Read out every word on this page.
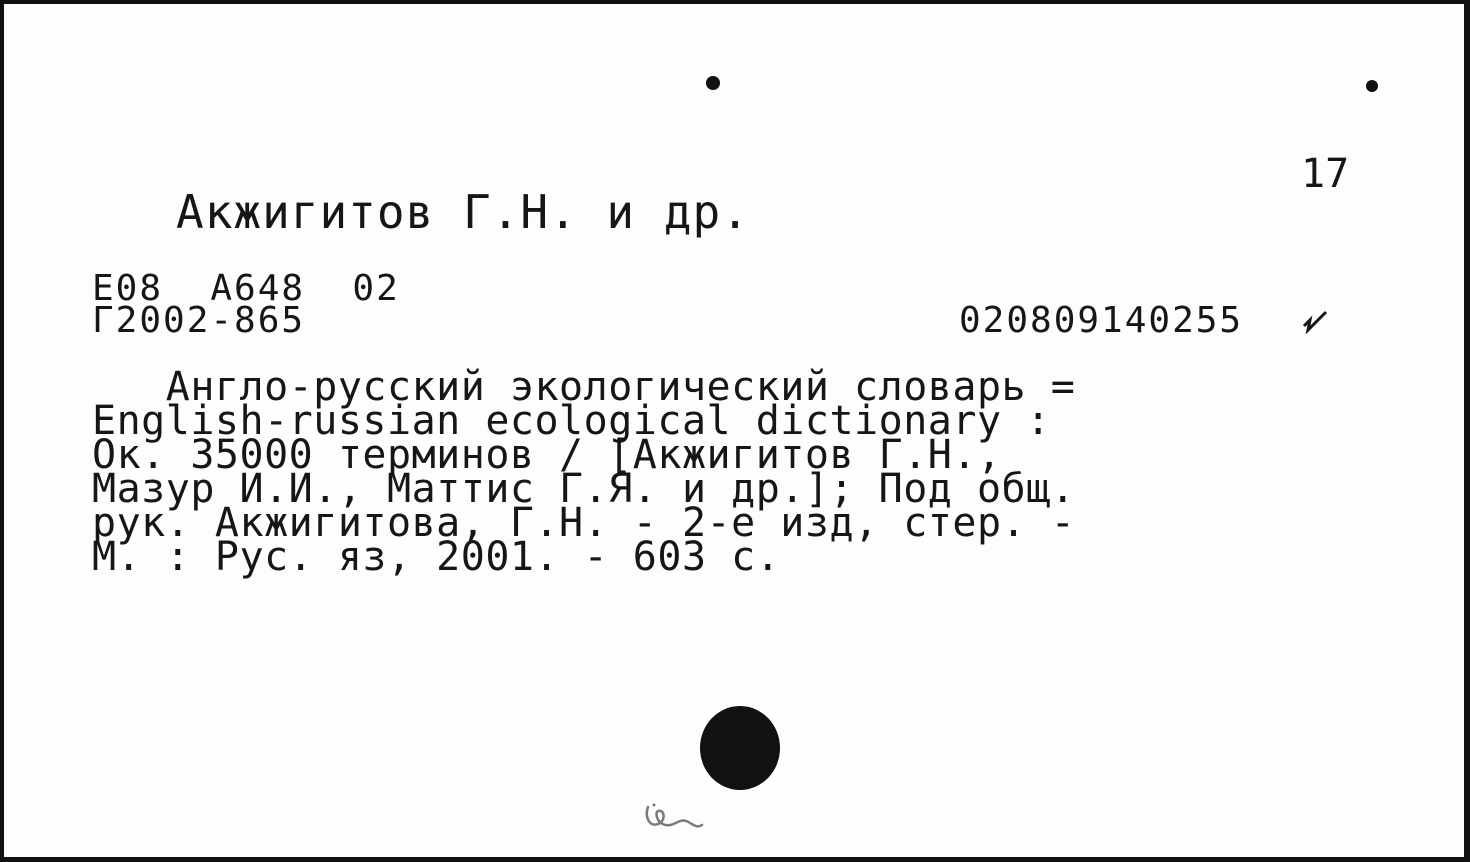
Акжигитов Г.Н. и др.
17
Е08  А648  02
Г2002-865	020809140255
Англо-русский экологический словарь =
English-russian ecological dictionary :
Ок. 35000 терминов / [Акжигитов Г.Н.,
Мазур И.И., Маттис Г.Я. и др.]; Под общ.
рук. Акжигитова, Г.Н. - 2-е изд, стер. -
М. : Рус. яз, 2001. - 603 с.
